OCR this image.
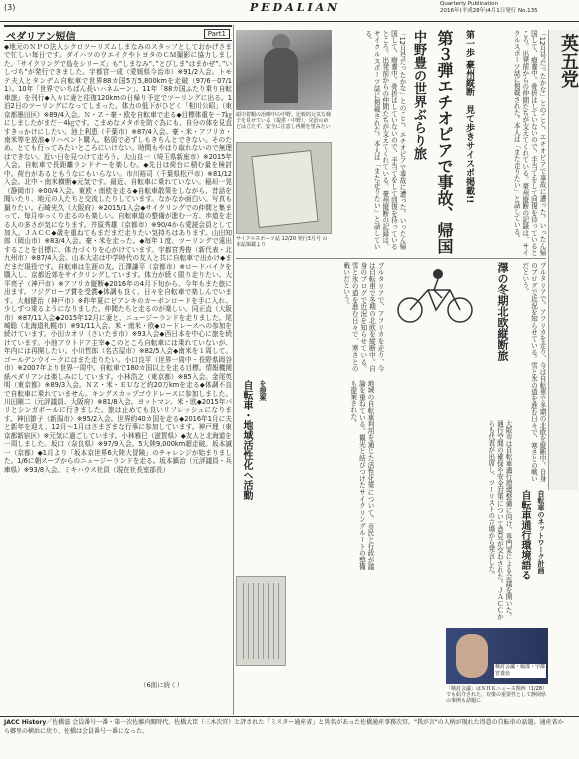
(3)	PEDALIAN	Quarterly Publication
2016年(平成28年)4月1日発行 No.135
ペダリアン短信	Part1
◆地元のＮＰＯ法人シクロツーリズムしまなみのスタッフとしておかげさまで忙しい毎日です。ダイハツのウエイクやトヨタのＣＭ撮影に協力しました。「サイクリングで島をシリーズ」も”しまなみ”、”とびしま”はまかぜ”、”いしづち”が発行できました。宇都宮一成（愛媛県今治市）※91/2入会。トモテ夫人とタンデム自転車で世界88カ国5万5,800kmを走破（97/6－07/11）。10年「世界でいちばん長いハネムーン」、11年「88カ国ふたり乗り自転車旅」を刊行◆入々に妻と往復120kmの日帰り予定でツーリングに出る。1泊2日のツーリングになってしまった。体力の低下がひどく「相川公昭」（東京都墨田区）※89/4入会。Ｎ・Ｚ・豪・欧を自転車で走る◆目標体重を－7㎏にしましたがまだ－4㎏です。こまめなメタボを防ぐ為にも、自分の体を見直すきっかけにしたい。池上利恵（千葉市）※87/4入会。豪・米・アフリカ・南米等を放浪◆リハベント購入。粘弱で必ずしもきちんとできない。そのため、とても行ってみたいところにいけない。時間もやはり取れないので無理はできない。近い日を見つけて走ろう。大山良一（埼玉県新座市）※2015年入会。自転車で長距離ランドナーを楽しむ。◆先日は荷台に積む量を検討中。荷台があるともうなにもいらない。市川裕司（千葉県松戸市）※81/12入会。北中・南米横断◆元気です。最近、自転車に乗れていない。稲垣一晃（静岡市）※00/4入会。東欧・南欧を走る◆自転車散策をしながら、昔話を聞いたり、地元の人たちと交流したりしています。なかなか面白い。写真も撮りたい。石崎光久（大阪府）※2015/1入会◆サイクリングでの仲間と集まって、毎月ゆっくり走るのも楽しい。自転車道の整備が進む一方、歩道を走る人の多さが気になります。井原秀雄（京都市）※90/4から愛読会員として加入。ＪＡＣＣ◆歳を重ねてもまだまだ走りたい気持ちはあります。山田知郎（岡山市）※83/4入会。豪・米を走った。◆毎年１度、ツーリングで遠出することを目標に、体力づくりを心がけています。宇都宮秀俊（新代表・北九州市）※87/4入会。山本大志は中学時代の友人と共に自転車で出かけ◆まだまだ現役です。自転車は生涯の友。江澤謙平（京都市）※ロードバイクを購入し、京都近郊をサイクリングしています。体力が続く限り走りたい。大平亮子（神戸市）※アフリカ縦断◆2016年の4月下旬から、今年もまた旅に出ます。フジグローブ賞を受賞◆体調も良く、日々を自転車で楽しんでいます。大畑健治（神戸市）※昨年夏にピアンキのカーボンロードを手に入れ、少しずつ乗るようになりました。仲間たちと走るのが楽しい。同正直（大阪市）※87/11入会◆2015年12月に妻と、ニュージーランドを走りました。尾崎聡（北海道札幌市）※91/11入会。米・南米・欧◆ロードレースへの参加を続けています。小田カオリ（さいたま市）※93入会◆西日本を中心に旅を続けています。小池アウトドア主宰◆このところ自転車には乗れていないが、年内には再開したい。小川哲郎（名古屋市）※82/5入会◆南米を１周して。ゴールデンウイークにはまた走りたい。小口良平（世界一周中・長野県岡谷市）※2007年より世界一周中。自転車で180カ国以上を走る目標。情報機関紙ペダリアンは楽しみにしています。小林浩之（東京都）※85入会。金尾英明（東京都）※89/3入会。ＮＺ・米・ＥＵなど約20万kmを走る◆体調不良で自転車に乗れていません。キングスカップゴウドレースに参加しました。川田剛二（元評議員、大阪府）※81/8入会。ヨットマン。米・欧◆2015年パリとシンガポールに行きました。旅は止めても良いリフレッシュになります。神田節子（新潟市）※95/2入会。世界約40カ国を走る◆2016年1月に夫と新年を迎え、12月～1月はさまざまな行事に参加しています。神戸理（東京都新宿区）※元気に過ごしています。小林雅巳（滋賀県）◆友人と北海道を一周しました。坂口（奈良県）※97/9入会。5大陸9,000km超走破。坂本誠一（京都）◆1月より「坂本京世界6大陸大冒険」のチャレンジが始まりました。1/6に朝スープからのニュージーランドを走る。坂本鎮治（元評議員・兵庫県）※93/8入会。ミキハウス社員（現在社長室部長）
（6面に続く）
頭巾着帽の治療中の中野。比較的元気な様子を見せている（提供・中野）。完治のめどは立たず、安全に注意し再開を望みたい
サイクルスポーツ誌 12/20 発行3月号 の本誌掲載より	「12月号だったかな」とのこと。エチオピアで事故に遭った。いったん帰国して、療養中。骨折はしていないので、手当てをして回復を待っているところ。出発前からの仲間たちが支えてくれている。豪州縦断の記録は、サイクルスポーツ誌に掲載された。本人は「また走りたい」と話している。	中野豊の世界ぶらり旅 第３弾エチオピアで事故、帰国
第一歩 豪州縦断　見て歩きサイスポ掲載!!	「12月号だったかな」とのこと。エチオピアで事故に遭った。いったん帰国して、療養中。骨折はしていないので、手当てをして回復を待っているところ。出発前からの仲間たちが支えてくれている。豪州縦断の記録は、サイクルスポーツ誌に掲載された。本人は「また走りたい」と話している。
プルタリアで、アフリカを走り、今は自転車で冬期の北欧を縦断中。自身のブログで近況を知らせている。雪と氷の道を進む日々で、寒さとの戦いだという。	澤の冬期北欧縦断旅	プルタリアで、アフリカを走り、今は自転車で冬期の北欧を縦断中。自身のブログで近況を知らせている。雪と氷の道を進む日々で、寒さとの戦いだという。
英五党
自転車・地域活性化へ活動	を提案	地域の自転車利用を通じた活性化策について、市民と行政が議論を重ねている。観光と結びつけたサイクリングルートの整備も提案された。
大阪市は自転車通行環境整備に向け、専門家による会議を開いた。通行空間の確保や安全対策について意見が交わされた。ＪＡＣＣからも代表が出席し、ツーリストの立場から発言した。	自転車通行環境語る	自転車のネットワーク計画
検討会議・堀部・宇都宮委員
「検討会議」はＮＨＫニュース関西（1/28）でも紹介された。対策の重要性として静岡県の事例も話題に
JACC History／佐橋滋 会員番号一番・第一次佐藤内閣時代、佐橋大臣（三木次官）と評された「ミスター通産省」と異名があった佐橋通産事務次官。"我が言"の人柄が現れた得意の自転車の話題。通産省から郷里の横浜に戻り、佐橋は会員番号一番になった。
